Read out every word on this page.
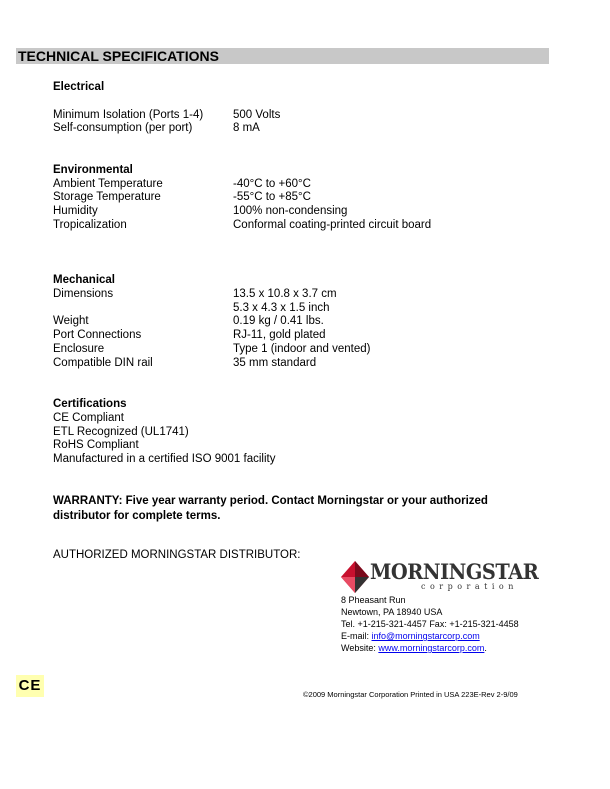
TECHNICAL SPECIFICATIONS
Electrical
Minimum Isolation (Ports 1-4)	500 Volts
Self-consumption (per port)	8 mA
Environmental
Ambient Temperature	-40°C to +60°C
Storage Temperature	-55°C to +85°C
Humidity	100% non-condensing
Tropicalization	Conformal coating-printed circuit board
Mechanical
Dimensions	13.5 x 10.8 x 3.7 cm
5.3 x 4.3 x 1.5 inch
Weight	0.19 kg / 0.41 lbs.
Port Connections	RJ-11, gold plated
Enclosure	Type 1 (indoor and vented)
Compatible DIN rail	35 mm standard
Certifications
CE Compliant
ETL Recognized (UL1741)
RoHS Compliant
Manufactured in a certified ISO 9001 facility
WARRANTY: Five year warranty period. Contact Morningstar or your authorized distributor for complete terms.
AUTHORIZED MORNINGSTAR DISTRIBUTOR:
MORNINGSTAR
corporation
8 Pheasant Run
Newtown, PA 18940 USA
Tel. +1-215-321-4457 Fax: +1-215-321-4458
E-mail: info@morningstarcorp.com
Website: www.morningstarcorp.com.
CE
©2009 Morningstar Corporation Printed in USA 223E-Rev 2-9/09
